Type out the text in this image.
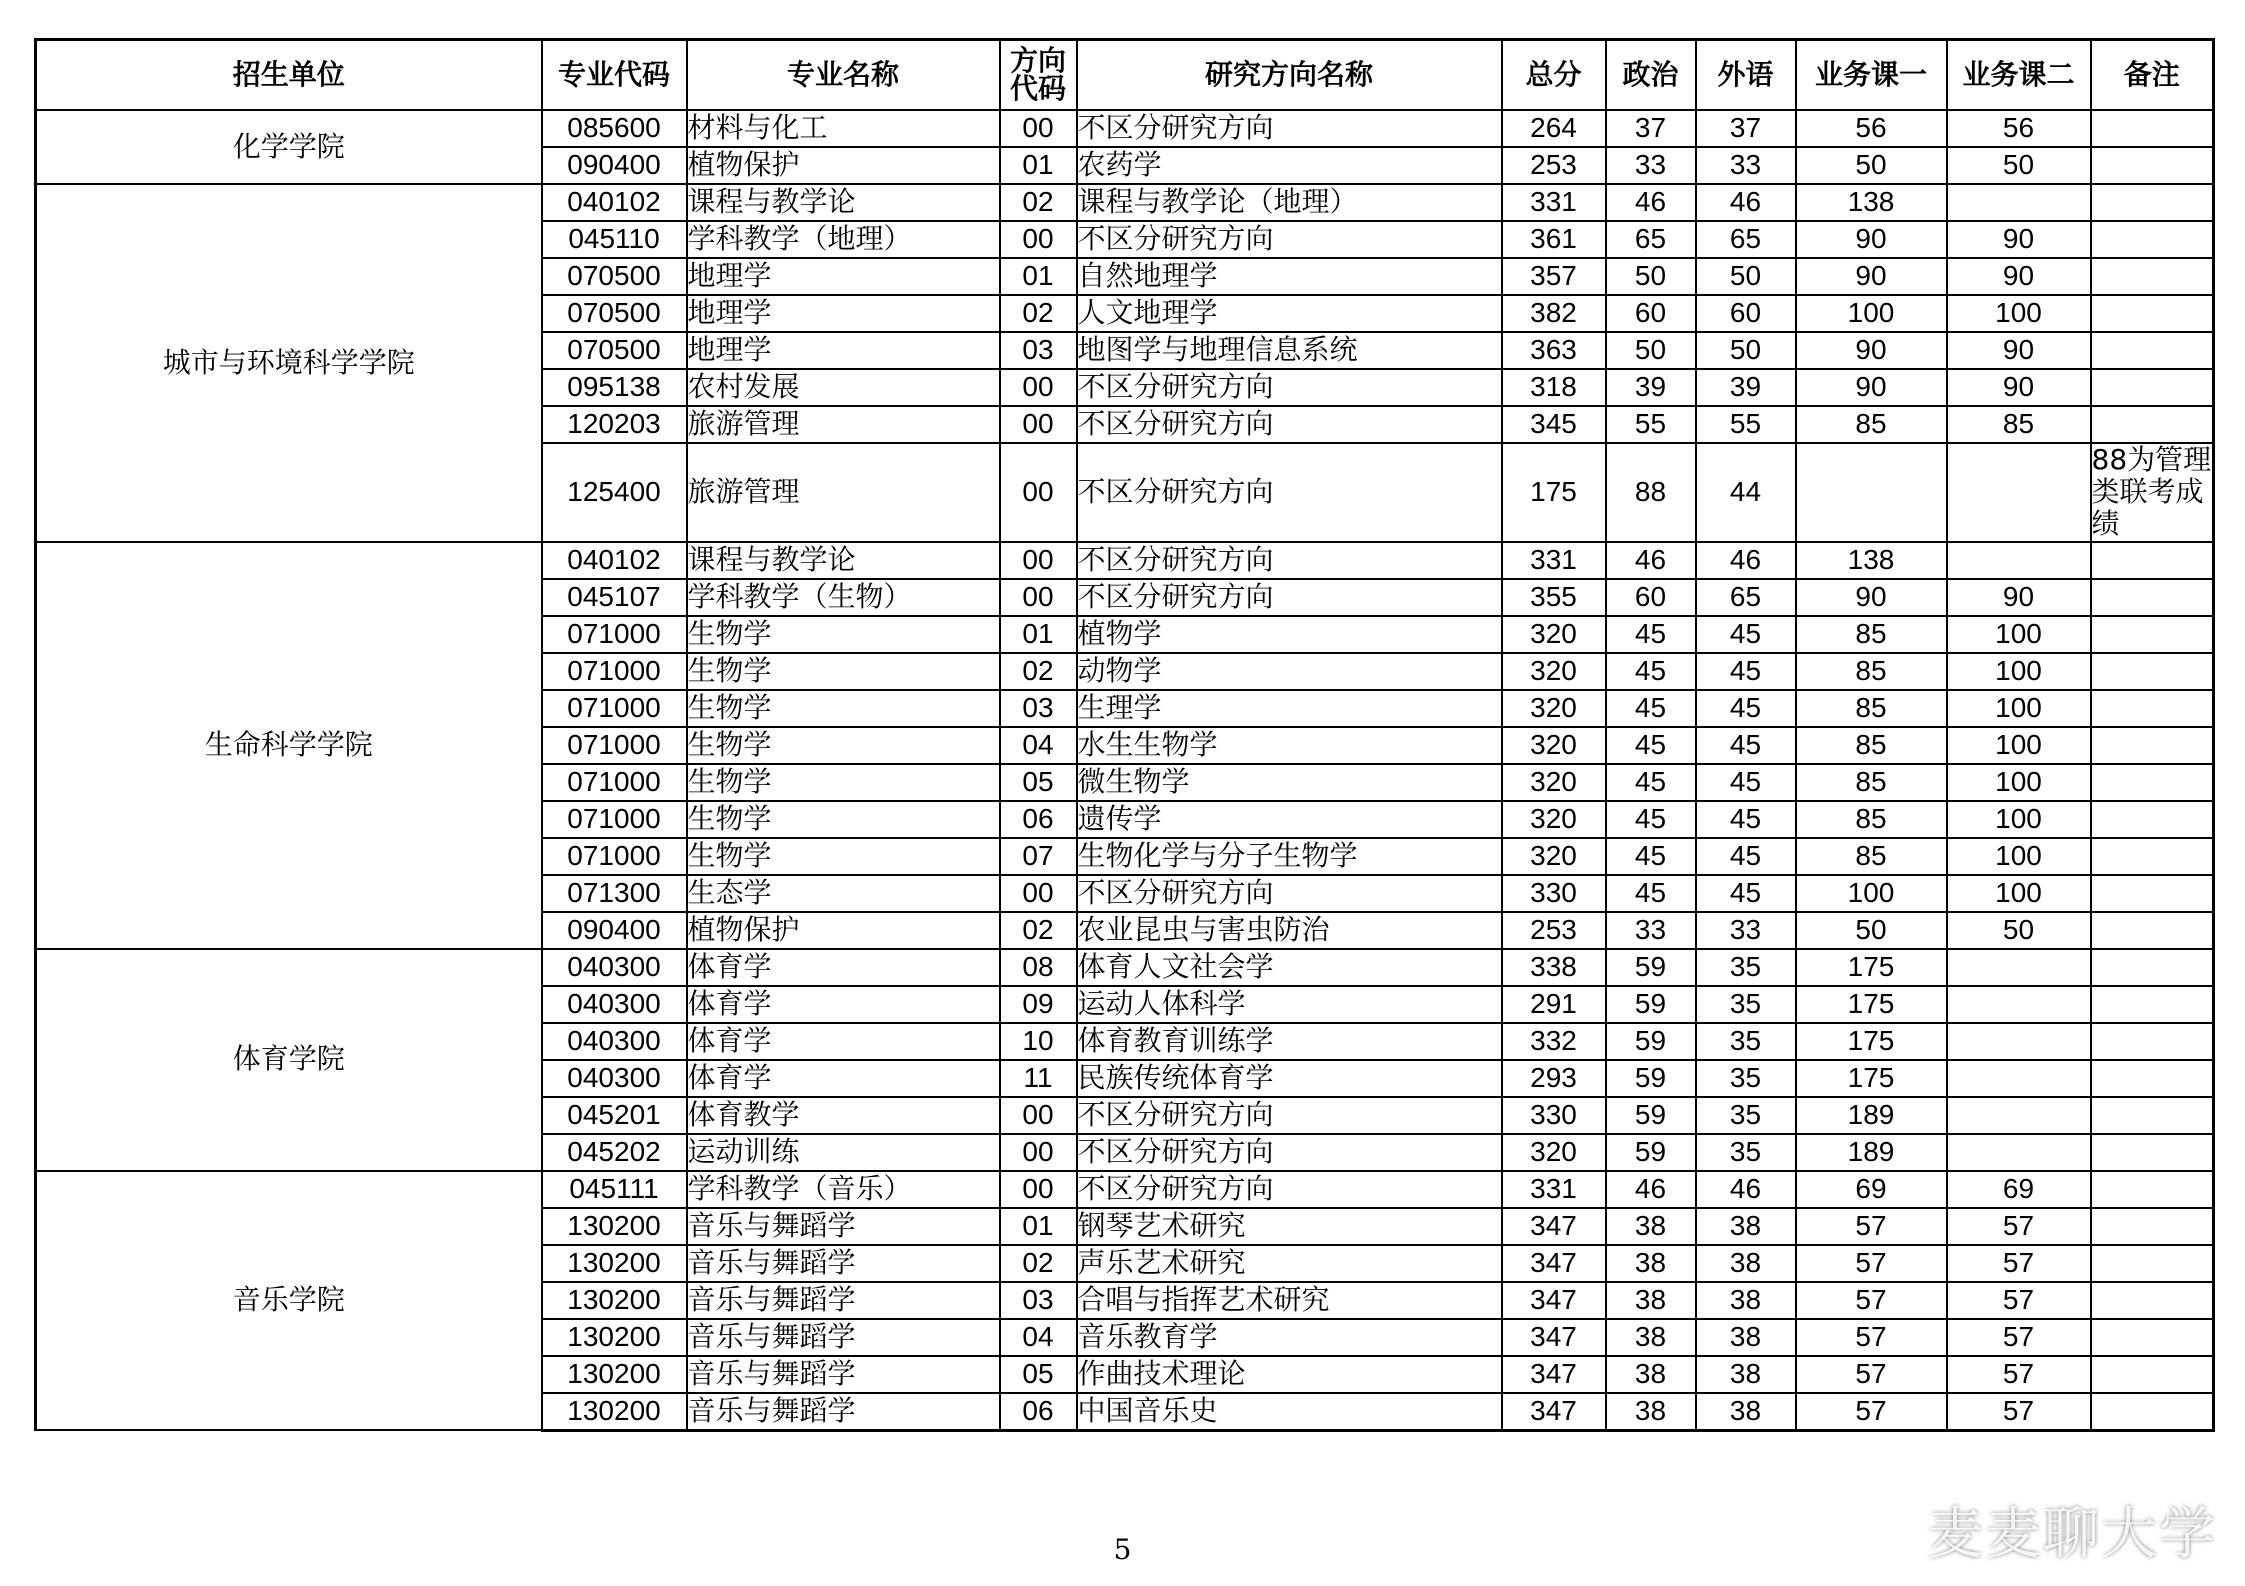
招生单位	专业代码	专业名称	方向代码	研究方向名称	总分	政治	外语	业务课一	业务课二	备注
化学学院	085600	材料与化工	00	不区分研究方向	264	37	37	56	56	
	090400	植物保护	01	农药学	253	33	33	50	50	
城市与环境科学学院	040102	课程与教学论	02	课程与教学论（地理）	331	46	46	138		
	045110	学科教学（地理）	00	不区分研究方向	361	65	65	90	90	
	070500	地理学	01	自然地理学	357	50	50	90	90	
	070500	地理学	02	人文地理学	382	60	60	100	100	
	070500	地理学	03	地图学与地理信息系统	363	50	50	90	90	
	095138	农村发展	00	不区分研究方向	318	39	39	90	90	
	120203	旅游管理	00	不区分研究方向	345	55	55	85	85	
	125400	旅游管理	00	不区分研究方向	175	88	44			88为管理类联考成绩
生命科学学院	040102	课程与教学论	00	不区分研究方向	331	46	46	138		
	045107	学科教学（生物）	00	不区分研究方向	355	60	65	90	90	
	071000	生物学	01	植物学	320	45	45	85	100	
	071000	生物学	02	动物学	320	45	45	85	100	
	071000	生物学	03	生理学	320	45	45	85	100	
	071000	生物学	04	水生生物学	320	45	45	85	100	
	071000	生物学	05	微生物学	320	45	45	85	100	
	071000	生物学	06	遗传学	320	45	45	85	100	
	071000	生物学	07	生物化学与分子生物学	320	45	45	85	100	
	071300	生态学	00	不区分研究方向	330	45	45	100	100	
	090400	植物保护	02	农业昆虫与害虫防治	253	33	33	50	50	
体育学院	040300	体育学	08	体育人文社会学	338	59	35	175		
	040300	体育学	09	运动人体科学	291	59	35	175		
	040300	体育学	10	体育教育训练学	332	59	35	175		
	040300	体育学	11	民族传统体育学	293	59	35	175		
	045201	体育教学	00	不区分研究方向	330	59	35	189		
	045202	运动训练	00	不区分研究方向	320	59	35	189		
音乐学院	045111	学科教学（音乐）	00	不区分研究方向	331	46	46	69	69	
	130200	音乐与舞蹈学	01	钢琴艺术研究	347	38	38	57	57	
	130200	音乐与舞蹈学	02	声乐艺术研究	347	38	38	57	57	
	130200	音乐与舞蹈学	03	合唱与指挥艺术研究	347	38	38	57	57	
	130200	音乐与舞蹈学	04	音乐教育学	347	38	38	57	57	
	130200	音乐与舞蹈学	05	作曲技术理论	347	38	38	57	57	
	130200	音乐与舞蹈学	06	中国音乐史	347	38	38	57	57	
5	麦麦聊大学
